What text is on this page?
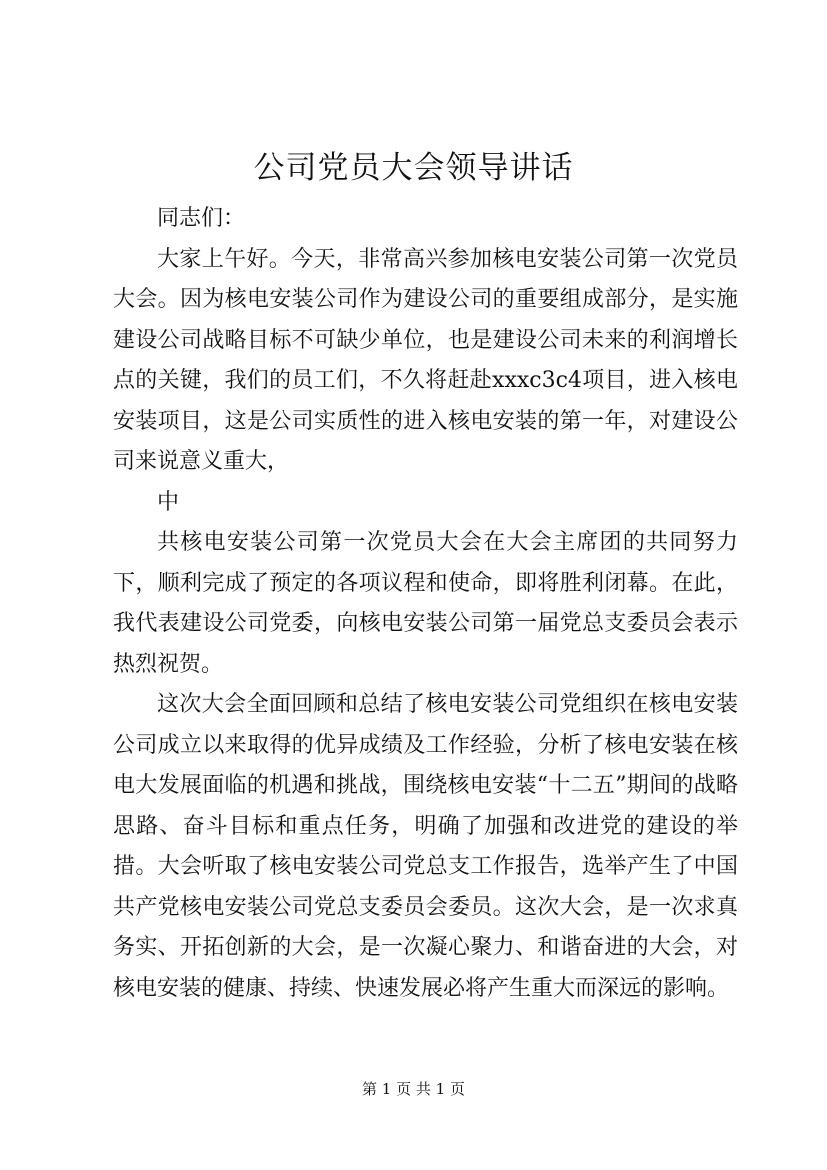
公司党员大会领导讲话

同志们：

大家上午好。今天，非常高兴参加核电安装公司第一次党员大会。因为核电安装公司作为建设公司的重要组成部分，是实施建设公司战略目标不可缺少单位，也是建设公司未来的利润增长点的关键，我们的员工们，不久将赶赴xxxc3c4项目，进入核电安装项目，这是公司实质性的进入核电安装的第一年，对建设公司来说意义重大，

中

共核电安装公司第一次党员大会在大会主席团的共同努力下，顺利完成了预定的各项议程和使命，即将胜利闭幕。在此，我代表建设公司党委，向核电安装公司第一届党总支委员会表示热烈祝贺。

这次大会全面回顾和总结了核电安装公司党组织在核电安装公司成立以来取得的优异成绩及工作经验，分析了核电安装在核电大发展面临的机遇和挑战，围绕核电安装“十二五”期间的战略思路、奋斗目标和重点任务，明确了加强和改进党的建设的举措。大会听取了核电安装公司党总支工作报告，选举产生了中国共产党核电安装公司党总支委员会委员。这次大会，是一次求真务实、开拓创新的大会，是一次凝心聚力、和谐奋进的大会，对核电安装的健康、持续、快速发展必将产生重大而深远的影响。

第 1 页 共 1 页
